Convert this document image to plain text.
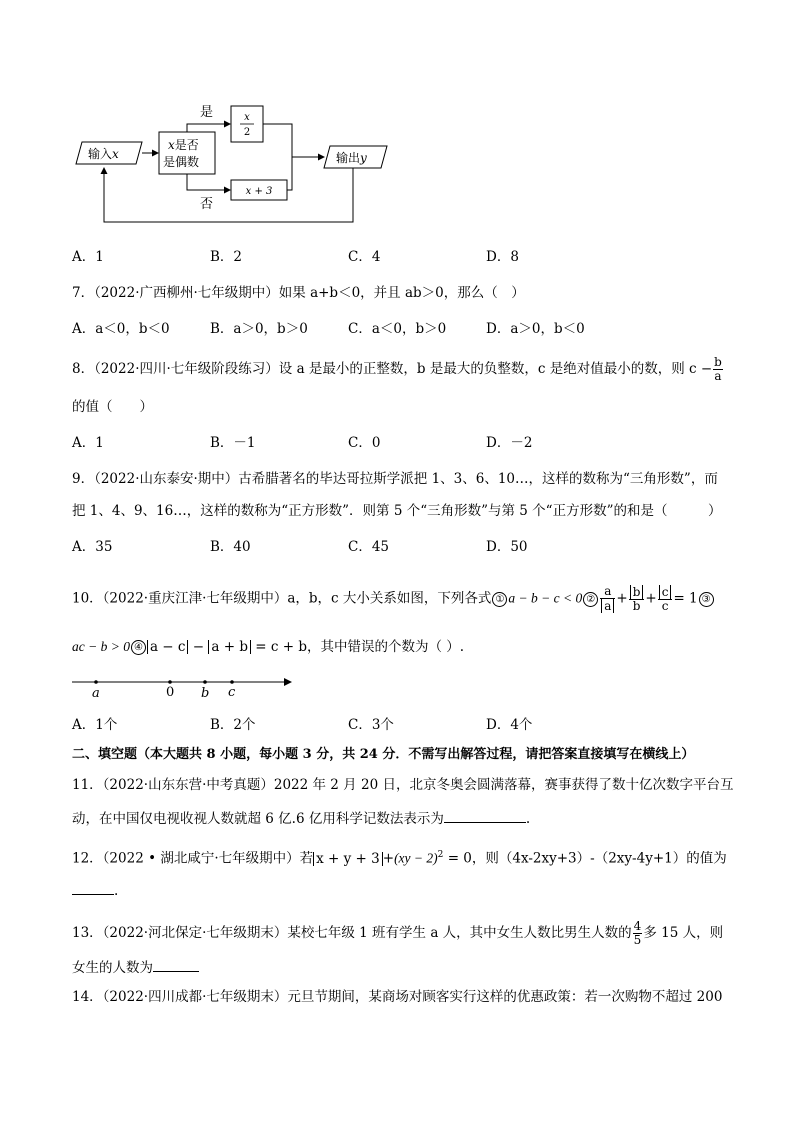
输入x
x是否
是偶数
是	x
2
否
x + 3
输出y
A．1	B．2	C．4	D．8
7．（2022·广西柳州·七年级期中）如果 a+b＜0，并且 ab＞0，那么（　）
A．a＜0，b＜0	B．a＞0，b＞0	C．a＜0，b＞0	D．a＞0，b＜0
8．（2022·四川·七年级阶段练习）设 a 是最小的正整数，b 是最大的负整数，c 是绝对值最小的数，则 $c - \frac{b}{a}$
的值（　　）
A．1	B．－1	C．0	D．－2
9．（2022·山东泰安·期中）古希腊著名的毕达哥拉斯学派把 1、3、6、10…，这样的数称为“三角形数”，而
把 1、4、9、16…，这样的数称为“正方形数”．则第 5 个“三角形数”与第 5 个“正方形数”的和是（　　　）
A．35	B．40	C．45	D．50
10．（2022·重庆江津·七年级期中）a，b，c 大小关系如图，下列各式 ① a − b − c < 0 ② $\frac{a}{a} + \frac{b}{b} + \frac{c}{c} = 1$ ③
ac − b > 0 ④ a − c − a + b = c + b，其中错误的个数为（ ）.
a	0 b c
A．1个	B．2个	C．3个	D．4个
二、填空题（本大题共 8 小题，每小题 3 分，共 24 分．不需写出解答过程，请把答案直接填写在横线上）
11．（2022·山东东营·中考真题）2022 年 2 月 20 日，北京冬奥会圆满落幕，赛事获得了数十亿次数字平台互
动，在中国仅电视收视人数就超 6 亿.6 亿用科学记数法表示为	.
12．（2022 • 湖北咸宁·七年级期中）若 x + y + 3 +(xy − 2)$^2$ = 0，则（4x-2xy+3）-（2xy-4y+1）的值为
.
13．（2022·河北保定·七年级期末）某校七年级 1 班有学生 a 人，其中女生人数比男生人数的 $\frac{4}{5}$ 多 15 人，则
女生的人数为
14．（2022·四川成都·七年级期末）元旦节期间，某商场对顾客实行这样的优惠政策：若一次购物不超过 200
